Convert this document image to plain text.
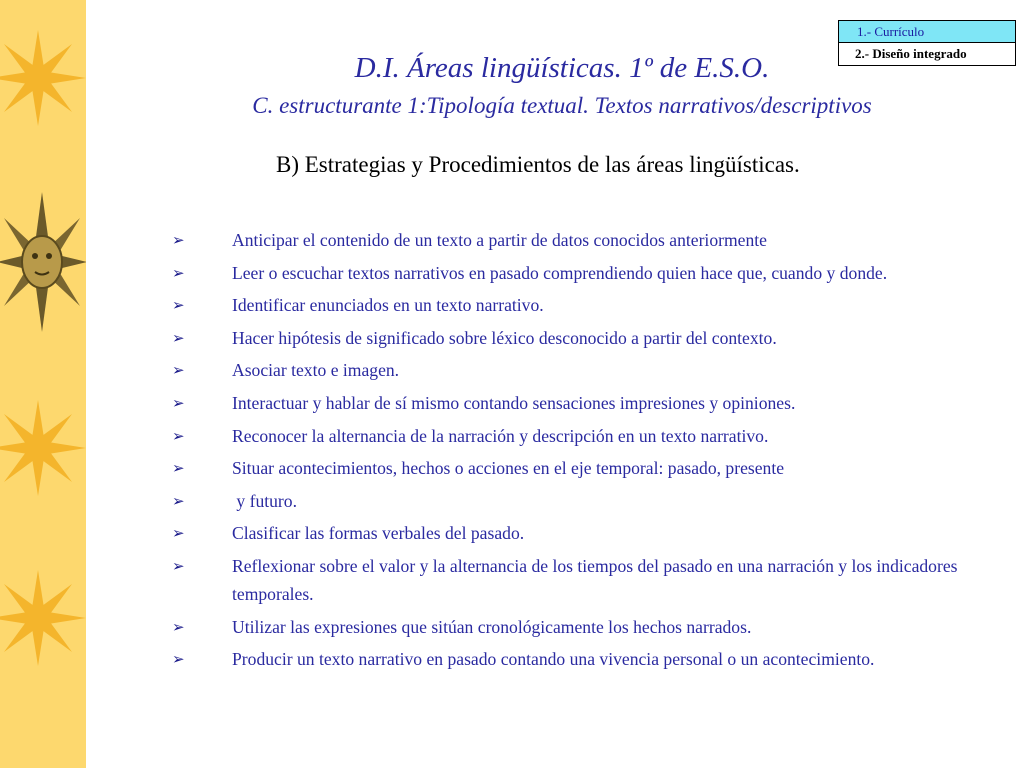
1.- Currículo
2.- Diseño integrado
D.I. Áreas lingüísticas. 1º de E.S.O.
C. estructurante 1:Tipología textual. Textos narrativos/descriptivos

B) Estrategias y Procedimientos de las áreas lingüísticas.

➢	Anticipar el contenido de un texto a partir de datos conocidos anteriormente
➢	Leer o escuchar textos narrativos en pasado comprendiendo quien hace que, cuando y donde.
➢	Identificar enunciados en un texto narrativo.
➢	Hacer hipótesis de significado sobre léxico desconocido a partir del contexto.
➢	Asociar texto e imagen.
➢	Interactuar y hablar de sí mismo contando sensaciones impresiones y opiniones.
➢	Reconocer la alternancia de la narración y descripción en un texto narrativo.
➢	Situar acontecimientos, hechos o acciones en el eje temporal: pasado, presente
➢	y futuro.
➢	Clasificar las formas verbales del pasado.
➢	Reflexionar sobre el valor y la alternancia de los tiempos del pasado en una narración y los indicadores temporales.
➢	Utilizar las expresiones que sitúan cronológicamente los hechos narrados.
➢	Producir un texto narrativo en pasado contando una vivencia personal o un acontecimiento.
